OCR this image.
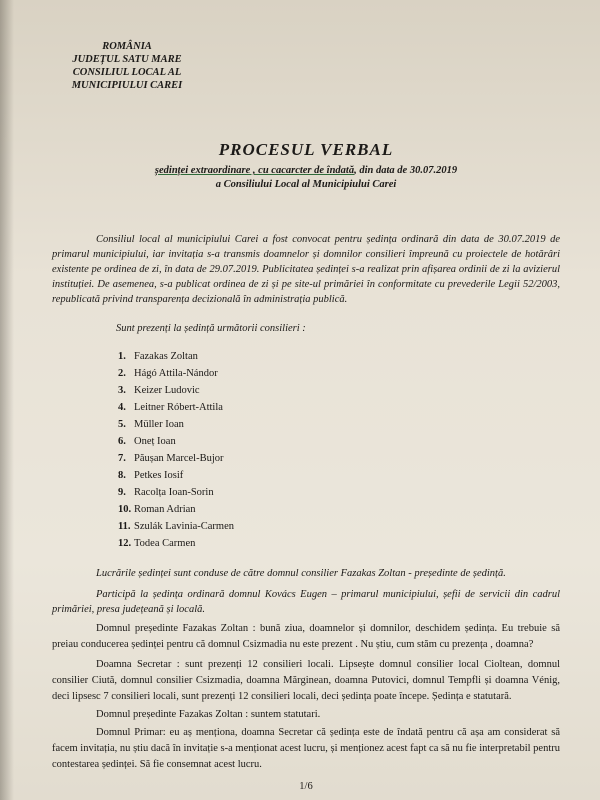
ROMÂNIA
JUDEȚUL SATU MARE
CONSILIUL LOCAL AL
MUNICIPIULUI CAREI
PROCESUL VERBAL
ședinței extraordinare , cu cacarcter de îndată, din data de 30.07.2019
a Consiliului Local al Municipiului Carei
Consiliul local al municipiului Carei a fost convocat pentru ședința ordinară din data de 30.07.2019 de primarul municipiului, iar invitația s-a transmis doamnelor și domnilor consilieri împreună cu proiectele de hotărâri existente pe ordinea de zi, în data de 29.07.2019. Publicitatea ședinței s-a realizat prin afișarea ordinii de zi la avizierul instituției. De asemenea, s-a publicat ordinea de zi și pe site-ul primăriei în conformitate cu prevederile Legii 52/2003, republicată privind transparența decizională în administrația publică.
Sunt prezenți la ședință următorii consilieri :
1. Fazakas Zoltan
2. Hágó Attila-Nándor
3. Keizer Ludovic
4. Leitner Róbert-Attila
5. Müller Ioan
6. Oneț Ioan
7. Păușan Marcel-Bujor
8. Petkes Iosif
9. Racolța Ioan-Sorin
10. Roman Adrian
11. Szulák Lavinia-Carmen
12. Todea Carmen
Lucrările ședinței sunt conduse de către domnul consilier Fazakas Zoltan - președinte de ședință.
Participă la ședința ordinară domnul Kovács Eugen – primarul municipiului, șefii de servicii din cadrul primăriei, presa județeană și locală.
Domnul președinte Fazakas Zoltan : bună ziua, doamnelor și domnilor, deschidem ședința. Eu trebuie să preiau conducerea ședinței pentru că domnul Csizmadia nu este prezent . Nu știu, cum stăm cu prezența , doamna?
Doamna Secretar : sunt prezenți 12 consilieri locali. Lipsește domnul consilier local Cioltean, domnul consilier Ciută, domnul consilier Csizmadia, doamna Mărginean, doamna Putovici, domnul Tempfli și doamna Vénig, deci lipsesc 7 consilieri locali, sunt prezenți 12 consilieri locali, deci ședința poate începe. Ședința e statutară.
Domnul președinte Fazakas Zoltan : suntem statutari.
Domnul Primar: eu aș menționa, doamna Secretar că ședința este de îndată pentru că așa am considerat să facem invitația, nu știu dacă în invitație s-a menționat acest lucru, și menționez acest fapt ca să nu fie interpretabil pentru contestarea ședinței. Să fie consemnat acest lucru.
1/6
